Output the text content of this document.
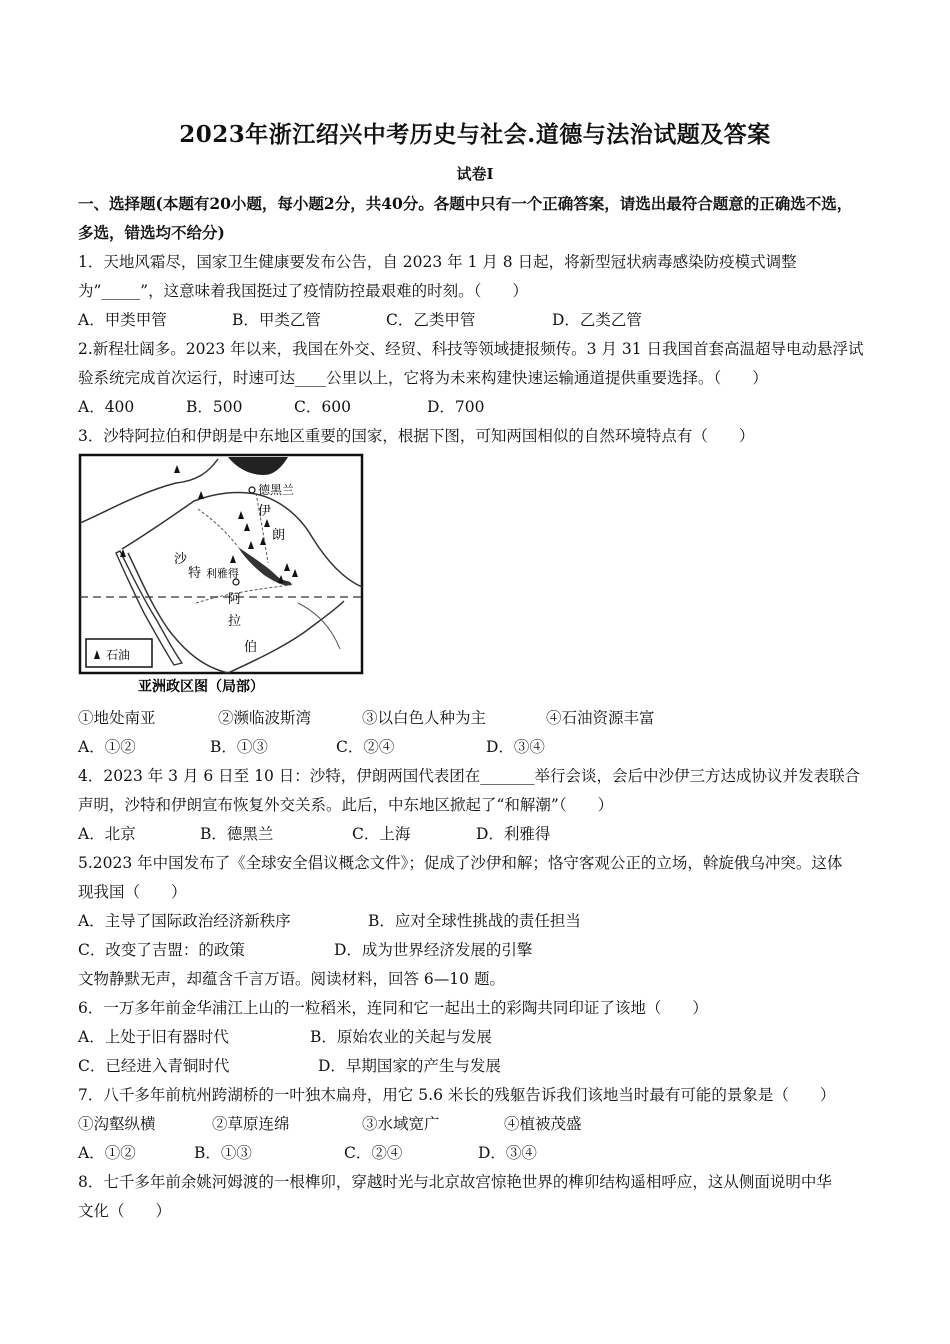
2023年浙江绍兴中考历史与社会.道德与法治试题及答案
试卷Ⅰ
一、选择题(本题有20小题，每小题2分，共40分。各题中只有一个正确答案，请选出最符合题意的正确选不选，
多选，错选均不给分)
1．天地风霜尽，国家卫生健康要发布公告，自 2023 年 1 月 8 日起，将新型冠状病毒感染防疫模式调整
为”_____”，这意味着我国挺过了疫情防控最艰难的时刻。（　　）
A．甲类甲管	B．甲类乙管	C．乙类甲管	D．乙类乙管
2.新程壮阔多。2023 年以来，我国在外交、经贸、科技等领域捷报频传。3 月 31 日我国首套高温超导电动悬浮试
验系统完成首次运行，时速可达____公里以上，它将为未来构建快速运输通道提供重要选择。（　　）
A．400	B．500	C．600	D．700
3．沙特阿拉伯和伊朗是中东地区重要的国家，根据下图，可知两国相似的自然环境特点有（　　）
德黑兰
伊
朗
沙
特 利雅得
阿
拉
伯
石油
亚洲政区图（局部）
①地处南亚	②濒临波斯湾	③以白色人种为主	④石油资源丰富
A．①②	B．①③	C．②④	D．③④
4．2023 年 3 月 6 日至 10 日：沙特，伊朗两国代表团在_______举行会谈，会后中沙伊三方达成协议并发表联合
声明，沙特和伊朗宣布恢复外交关系。此后，中东地区掀起了“和解潮”（　　）
A．北京	B．德黑兰	C．上海	D．利雅得
5.2023 年中国发布了《全球安全倡议概念文件》；促成了沙伊和解；恪守客观公正的立场，斡旋俄乌冲突。这体
现我国（　　）
A．主导了国际政治经济新秩序	B．应对全球性挑战的责任担当
C．改变了吉盟：的政策	D．成为世界经济发展的引擎
文物静默无声，却蕴含千言万语。阅读材料，回答 6—10 题。
6．一万多年前金华浦江上山的一粒稻米，连同和它一起出土的彩陶共同印证了该地（　　）
A．上处于旧有器时代	B．原始农业的关起与发展
C．已经进入青铜时代	D．早期国家的产生与发展
7．八千多年前杭州跨湖桥的一叶独木扁舟，用它 5.6 米长的残躯告诉我们该地当时最有可能的景象是（　　）
①沟壑纵横	②草原连绵	③水域宽广	④植被茂盛
A．①②	B．①③	C．②④	D．③④
8．七千多年前余姚河姆渡的一根榫卯，穿越时光与北京故宫惊艳世界的榫卯结构遥相呼应，这从侧面说明中华
文化（　　）
